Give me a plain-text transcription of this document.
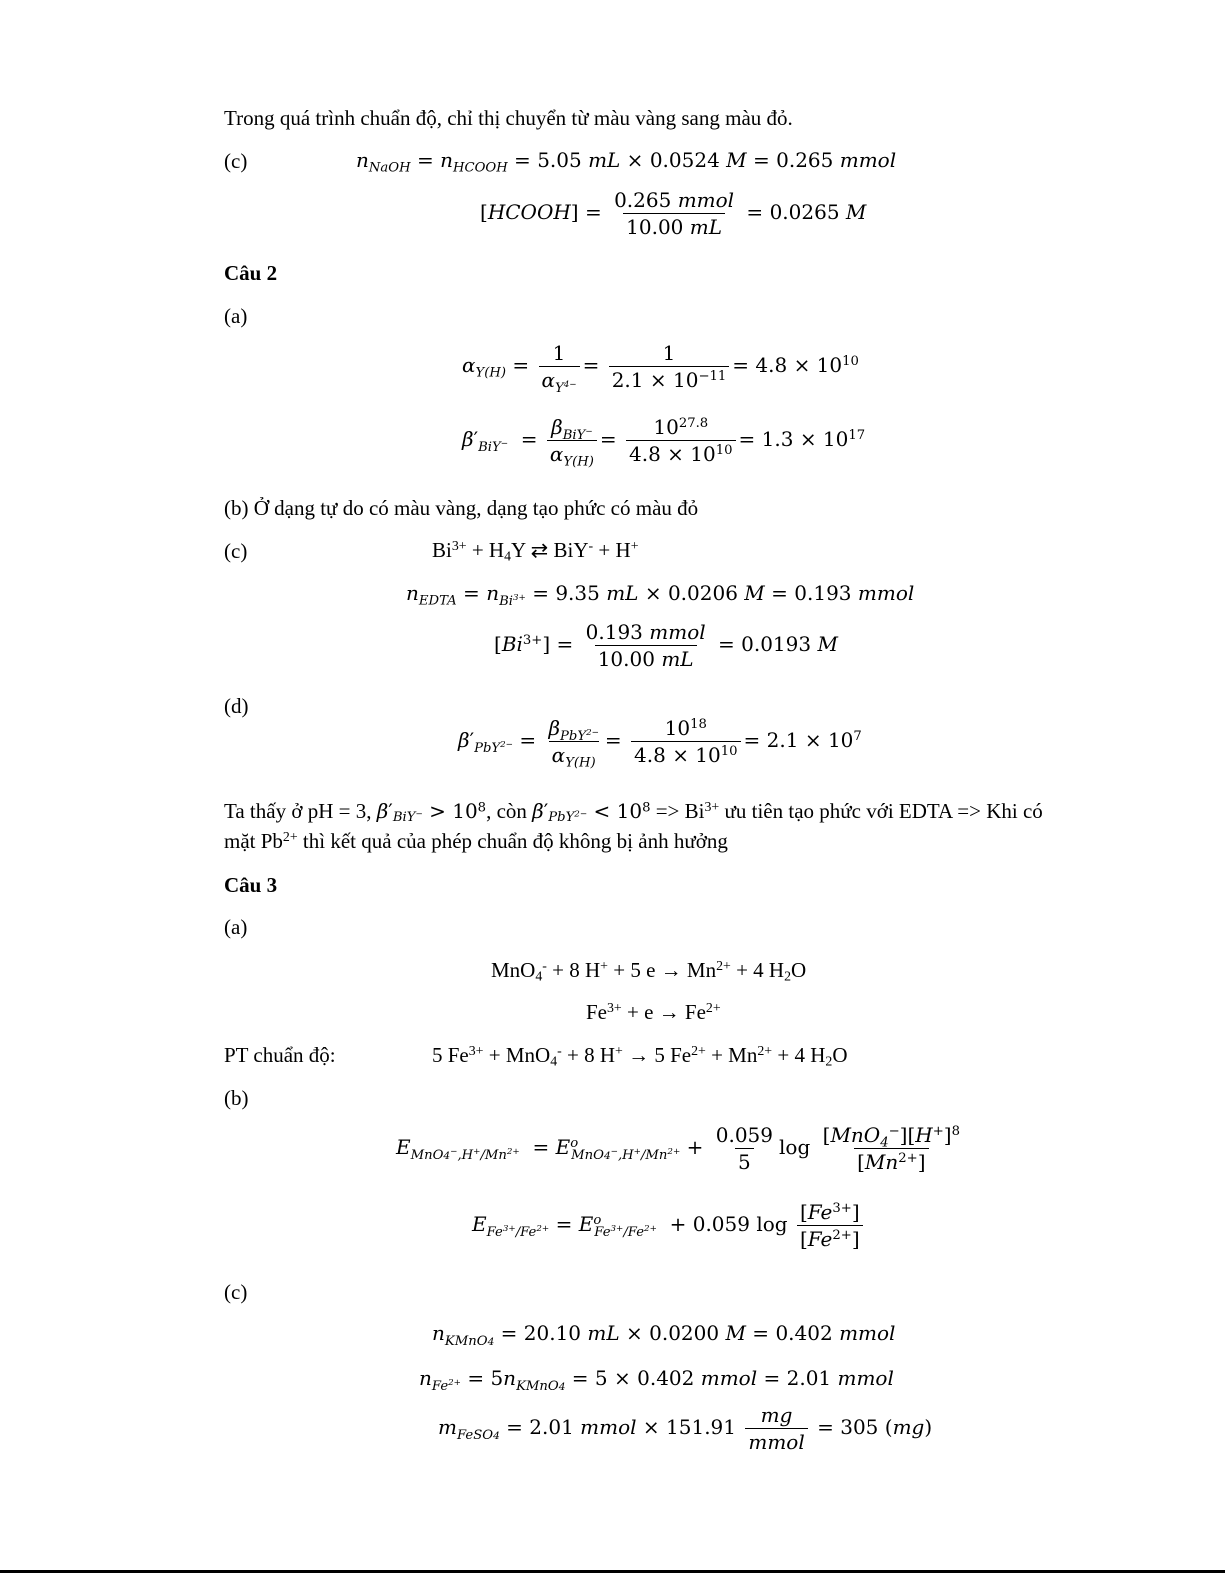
Trong quá trình chuẩn độ, chỉ thị chuyển từ màu vàng sang màu đỏ.
(c)	$n_{NaOH} = n_{HCOOH} = 5.05$ mL × 0.0524 M = 0.265 mmol
[HCOOH] = $\frac{\text{0.265 mmol}}{10.00 mL} = 0.0265$ M
Câu 2
(a)
$\alpha_{Y(H)} = \frac{1}{\alpha_{Y^{4-}}} = \frac{1}{2.1 \times 10^{-11}} = 4.8 \times 10^{10}$
$\beta'_{BiY^-} = \frac{\beta_{BiY^-}}{\alpha_{Y(H)}} = \frac{10^{27.8}}{4.8 \times 10^{10}} = 1.3 \times 10^{17}$
(b) Ở dạng tự do có màu vàng, dạng tạo phức có màu đỏ
(c)	$Bi^{3+} + H4Y$ ⇄ BiY- + H+
$n_{EDTA} = n_{Bi^{3+}} = 9.35$ mL × 0.0206 M = 0.193 mmol
$[Bi^{3+}] = \frac{\text{0.193 mmol}}{10.00 mL} = 0.0193$ M
(d)
$\beta'_{PbY^{2-}} = \frac{\beta_{PbY^{2-}}}{\alpha_{Y(H)}} = \frac{10^{18}}{4.8 \times 10^{10}} = 2.1 \times 10^7$
Ta thấy ở pH = 3, $\beta'BiY^- > 10^8$, còn $\beta'PbY^{2-} < 10^8 => Bi^{3+}$ ưu tiên tạo phức với EDTA => Khi có
mặt $Pb^{2+}$ thì kết quả của phép chuẩn độ không bị ảnh hưởng
Câu 3
(a)
MnO4- + 8 H+ + 5 $e \to Mn^{2+} + 4$ H2O
$Fe^{3+} + e \to Fe^{2+}$
PT chuẩn độ:	5 $Fe^{3+} + MnO4^- + 8$ H+ → 5 $Fe^{2+} + Mn^{2+} + 4$ H2O
(b)
$E_{MnO4^-,H^+/Mn^{2+}} = E^o_{MnO4^-,H^+/Mn^{2+}} + \frac{0.059}{5}$ $\log \frac{[MnO_4^-][H^+]^8}{[Mn^{2+}]}$
$E_{Fe^{3+}/Fe^{2+}} = E^o_{Fe^{3+}/Fe^{2+}} + 0.059$ $\log \frac{[Fe^{3+}]}{[Fe^{2+}]}$
(c)
$n_{KMnO4} = 20.10$ mL × 0.0200 M = 0.402 mmol
$n_{Fe^{2+}} = 5n_{KMnO4} = 5 \times 0.402$ mmol = 2.01 mmol
$m_{FeSO4} = 2.01$ mmol × $151.91 \frac{mg}{\text{mmol}} = 305$ (mg)
